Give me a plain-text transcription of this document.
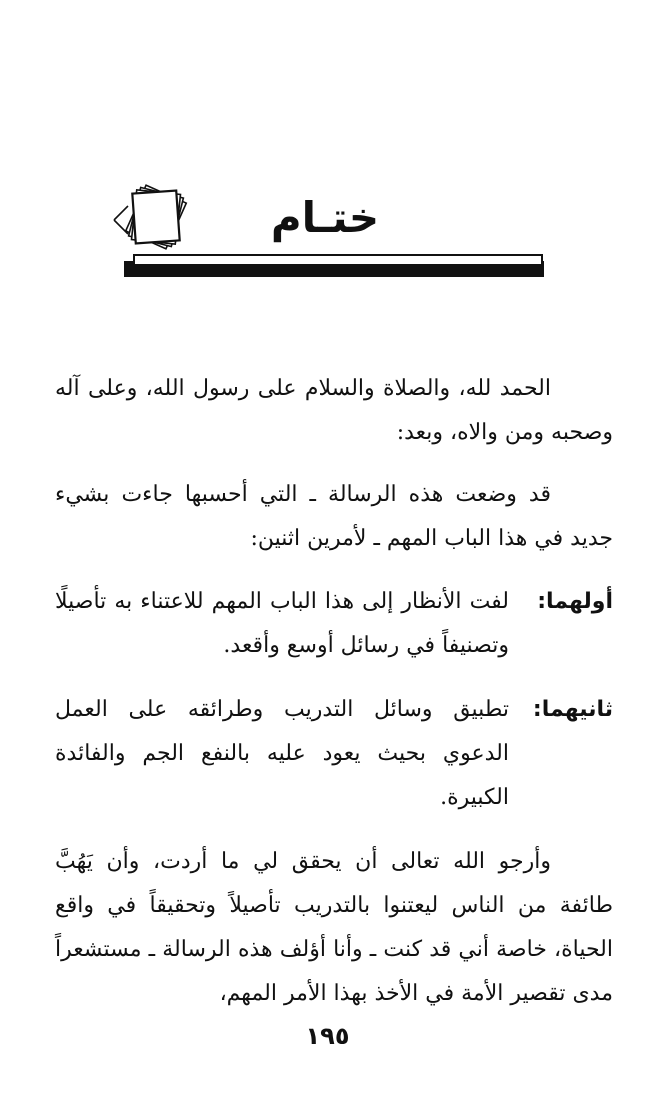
ختـام
الحمد لله، والصلاة والسلام على رسول الله، وعلى آله وصحبه ومن والاه، وبعد:
قد وضعت هذه الرسالة ـ التي أحسبها جاءت بشيء جديد في هذا الباب المهم ـ لأمرين اثنين:
أولهما:
لفت الأنظار إلى هذا الباب المهم للاعتناء به تأصيلًا وتصنيفاً في رسائل أوسع وأقعد.
ثانيهما:
تطبيق وسائل التدريب وطرائقه على العمل الدعوي بحيث يعود عليه بالنفع الجم والفائدة الكبيرة.
وأرجو الله تعالى أن يحقق لي ما أردت، وأن يَهُبَّ طائفة من الناس ليعتنوا بالتدريب تأصيلاً وتحقيقاً في واقع الحياة، خاصة أني قد كنت ـ وأنا أؤلف هذه الرسالة ـ مستشعراً مدى تقصير الأمة في الأخذ بهذا الأمر المهم،
١٩٥
